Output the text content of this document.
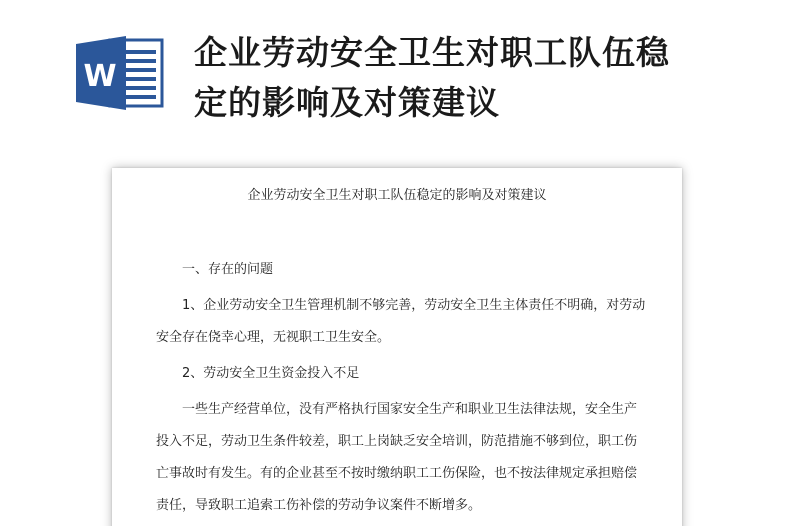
W
企业劳动安全卫生对职工队伍稳
定的影响及对策建议
企业劳动安全卫生对职工队伍稳定的影响及对策建议
一、存在的问题
1、企业劳动安全卫生管理机制不够完善，劳动安全卫生主体责任不明确，对劳动
安全存在侥幸心理，无视职工卫生安全。
2、劳动安全卫生资金投入不足
一些生产经营单位，没有严格执行国家安全生产和职业卫生法律法规，安全生产
投入不足，劳动卫生条件较差，职工上岗缺乏安全培训，防范措施不够到位，职工伤
亡事故时有发生。有的企业甚至不按时缴纳职工工伤保险，也不按法律规定承担赔偿
责任，导致职工追索工伤补偿的劳动争议案件不断增多。
